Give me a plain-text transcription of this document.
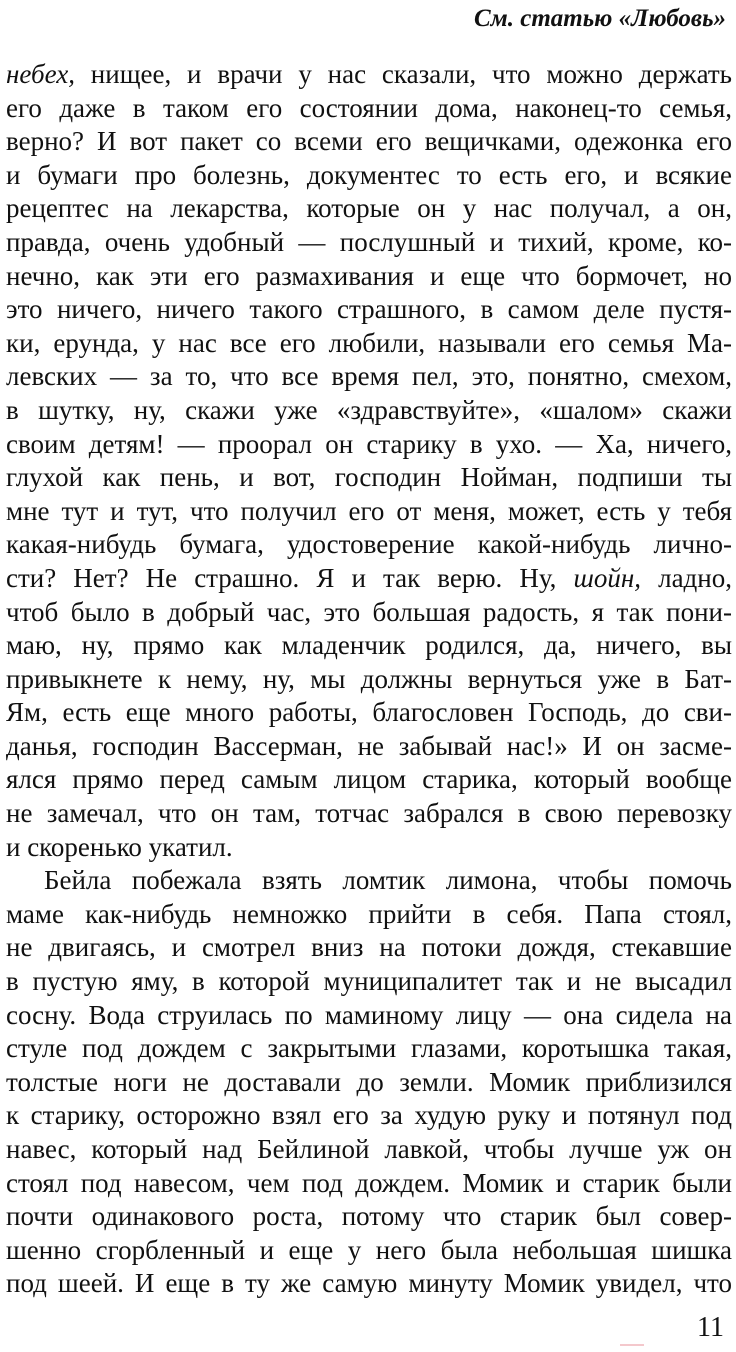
См. статью «Любовь»
небех, нищее, и врачи у нас сказали, что можно держать
его даже в таком его состоянии дома, наконец-то семья,
верно? И вот пакет со всеми его вещичками, одежонка его
и бумаги про болезнь, документес то есть его, и всякие
рецептес на лекарства, которые он у нас получал, а он,
правда, очень удобный — послушный и тихий, кроме, ко-
нечно, как эти его размахивания и еще что бормочет, но
это ничего, ничего такого страшного, в самом деле пустя-
ки, ерунда, у нас все его любили, называли его семья Ма-
левских — за то, что все время пел, это, понятно, смехом,
в шутку, ну, скажи уже «здравствуйте», «шалом» скажи
своим детям! — проорал он старику в ухо. — Ха, ничего,
глухой как пень, и вот, господин Нойман, подпиши ты
мне тут и тут, что получил его от меня, может, есть у тебя
какая-нибудь бумага, удостоверение какой-нибудь лично-
сти? Нет? Не страшно. Я и так верю. Ну, шойн, ладно,
чтоб было в добрый час, это большая радость, я так пони-
маю, ну, прямо как младенчик родился, да, ничего, вы
привыкнете к нему, ну, мы должны вернуться уже в Бат-
Ям, есть еще много работы, благословен Господь, до сви-
данья, господин Вассерман, не забывай нас!» И он засме-
ялся прямо перед самым лицом старика, который вообще
не замечал, что он там, тотчас забрался в свою перевозку
и скоренько укатил.
Бейла побежала взять ломтик лимона, чтобы помочь
маме как-нибудь немножко прийти в себя. Папа стоял,
не двигаясь, и смотрел вниз на потоки дождя, стекавшие
в пустую яму, в которой муниципалитет так и не высадил
сосну. Вода струилась по маминому лицу — она сидела на
стуле под дождем с закрытыми глазами, коротышка такая,
толстые ноги не доставали до земли. Момик приблизился
к старику, осторожно взял его за худую руку и потянул под
навес, который над Бейлиной лавкой, чтобы лучше уж он
стоял под навесом, чем под дождем. Момик и старик были
почти одинакового роста, потому что старик был совер-
шенно сгорбленный и еще у него была небольшая шишка
под шеей. И еще в ту же самую минуту Момик увидел, что
11
